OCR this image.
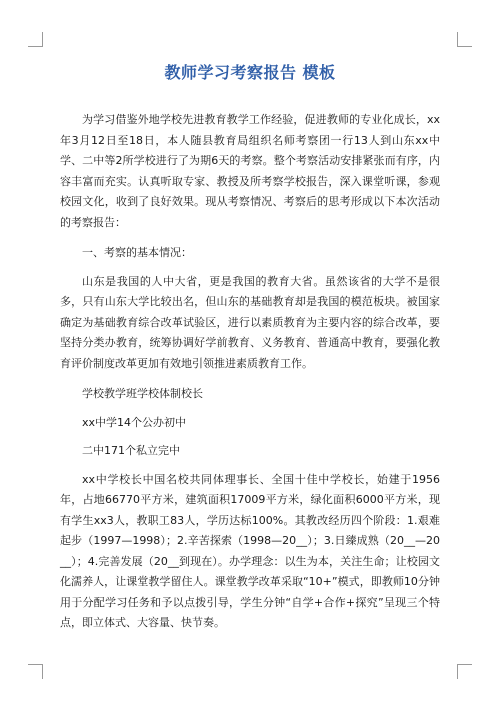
教师学习考察报告 模板

为学习借鉴外地学校先进教育教学工作经验，促进教师的专业化成长，xx年3月12日至18日，本人随县教育局组织名师考察团一行13人到山东xx中学、二中等2所学校进行了为期6天的考察。整个考察活动安排紧张而有序，内容丰富而充实。认真听取专家、教授及所考察学校报告，深入课堂听课，参观校园文化，收到了良好效果。现从考察情况、考察后的思考形成以下本次活动的考察报告：

一、考察的基本情况：

山东是我国的人中大省，更是我国的教育大省。虽然该省的大学不是很多，只有山东大学比较出名，但山东的基础教育却是我国的模范板块。被国家确定为基础教育综合改革试验区，进行以素质教育为主要内容的综合改革，要坚持分类办教育，统筹协调好学前教育、义务教育、普通高中教育，要强化教育评价制度改革更加有效地引领推进素质教育工作。

学校教学班学校体制校长

xx中学14个公办初中

二中171个私立完中

xx中学校长中国名校共同体理事长、全国十佳中学校长，始建于1956年，占地66770平方米，建筑面积17009平方米，绿化面积6000平方米，现有学生xx3人，教职工83人，学历达标100%。其教改经历四个阶段：1.艰难起步（1997—1998）；2.辛苦探索（1998—20__）；3.日臻成熟（20__—20__）；4.完善发展（20__到现在）。办学理念：以生为本，关注生命；让校园文化濡养人，让课堂教学留住人。课堂教学改革采取“10+”模式，即教师10分钟用于分配学习任务和予以点拨引导，学生分钟“自学+合作+探究”呈现三个特点，即立体式、大容量、快节奏。
